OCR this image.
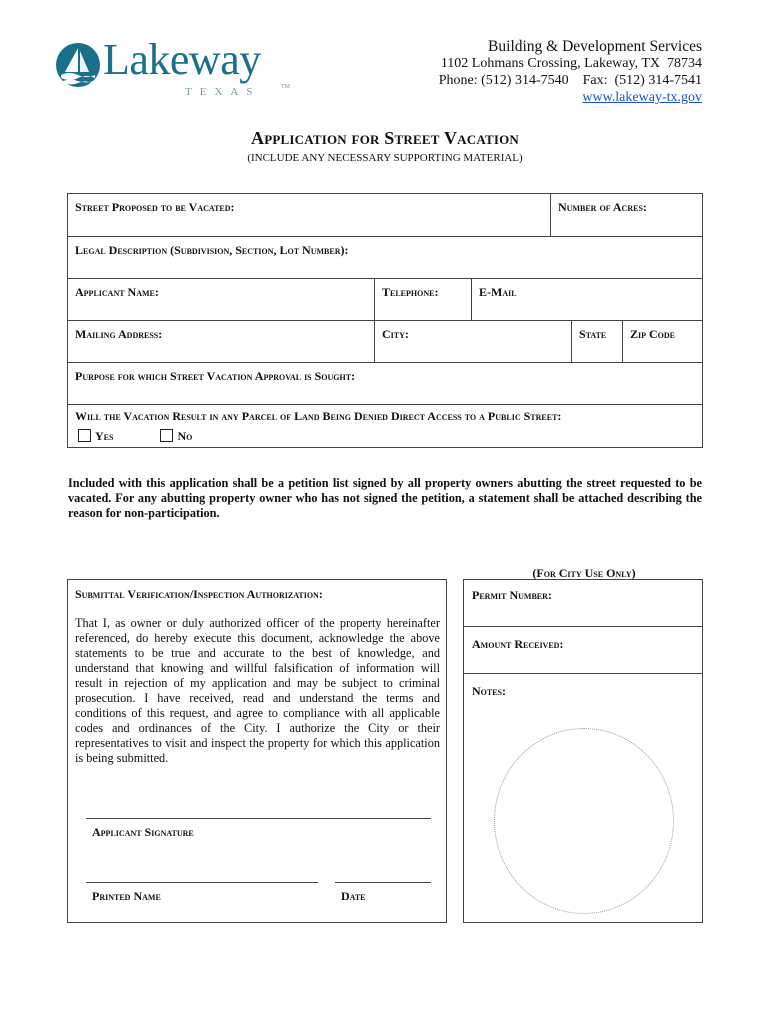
Lakeway
TEXAS	TM
Building & Development Services
1102 Lohmans Crossing, Lakeway, TX  78734
Phone: (512) 314-7540    Fax:  (512) 314-7541
www.lakeway-tx.gov
Application for Street Vacation
(INCLUDE ANY NECESSARY SUPPORTING MATERIAL)
Street Proposed to be Vacated:	Number of Acres:
Legal Description (Subdivision, Section, Lot Number):
Applicant Name:	Telephone:	E-Mail
Mailing Address:	City:	State	Zip Code
Purpose for which Street Vacation Approval is Sought:
Will the Vacation Result in any Parcel of Land Being Denied Direct Access to a Public Street:
Yes	No
Included with this application shall be a petition list signed by all property owners abutting the street requested to be vacated. For any abutting property owner who has not signed the petition, a statement shall be attached describing the reason for non-participation.
(For City Use Only)
Submittal Verification/Inspection Authorization:
That I, as owner or duly authorized officer of the property hereinafter referenced, do hereby execute this document, acknowledge the above statements to be true and accurate to the best of knowledge, and understand that knowing and willful falsification of information will result in rejection of my application and may be subject to criminal prosecution. I have received, read and understand the terms and conditions of this request, and agree to compliance with all applicable codes and ordinances of the City. I authorize the City or their representatives to visit and inspect the property for which this application is being submitted.
Applicant Signature
Printed Name	Date
Permit Number:
Amount Received:
Notes:
